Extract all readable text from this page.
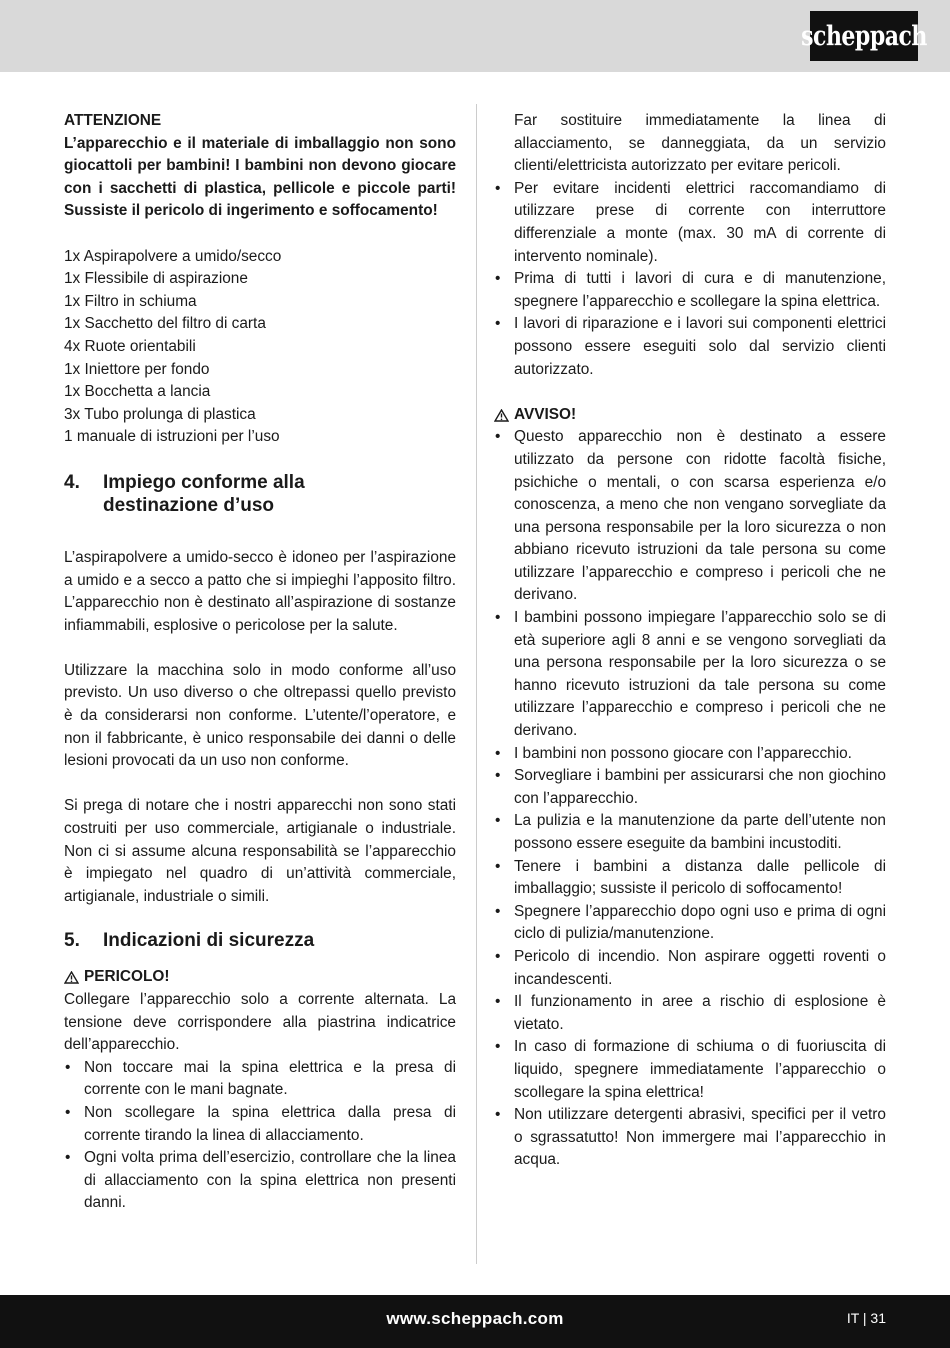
scheppach

ATTENZIONE

L’apparecchio e il materiale di imballaggio non sono giocattoli per bambini! I bambini non devono giocare con i sacchetti di plastica, pellicole e piccole parti! Sussiste il pericolo di ingerimento e soffocamento!

1x Aspirapolvere a umido/secco
1x Flessibile di aspirazione
1x Filtro in schiuma
1x Sacchetto del filtro di carta
4x Ruote orientabili
1x Iniettore per fondo
1x Bocchetta a lancia
3x Tubo prolunga di plastica
1 manuale di istruzioni per l’uso
4.	Impiego conforme alla
destinazione d’uso

L’aspirapolvere a umido-secco è idoneo per l’aspirazione a umido e a secco a patto che si impieghi l’apposito filtro. L’apparecchio non è destinato all’aspirazione di sostanze infiammabili, esplosive o pericolose per la salute.

Utilizzare la macchina solo in modo conforme all’uso previsto. Un uso diverso o che oltrepassi quello previsto è da considerarsi non conforme. L’utente/l’operatore, e non il fabbricante, è unico responsabile dei danni o delle lesioni provocati da un uso non conforme.

Si prega di notare che i nostri apparecchi non sono stati costruiti per uso commerciale, artigianale o industriale. Non ci si assume alcuna responsabilità se l’apparecchio è impiegato nel quadro di un’attività commerciale, artigianale, industriale o simili.

5.	Indicazioni di sicurezza
PERICOLO!

Collegare l’apparecchio solo a corrente alternata. La tensione deve corrispondere alla piastrina indicatrice dell’apparecchio.

• Non toccare mai la spina elettrica e la presa di corrente con le mani bagnate.
• Non scollegare la spina elettrica dalla presa di corrente tirando la linea di allacciamento.
• Ogni volta prima dell’esercizio, controllare che la linea di allacciamento con la spina elettrica non presenti danni.

Far sostituire immediatamente la linea di allacciamento, se danneggiata, da un servizio clienti/elettricista autorizzato per evitare pericoli.

• Per evitare incidenti elettrici raccomandiamo di utilizzare prese di corrente con interruttore differenziale a monte (max. 30 mA di corrente di intervento nominale).
• Prima di tutti i lavori di cura e di manutenzione, spegnere l’apparecchio e scollegare la spina elettrica.
• I lavori di riparazione e i lavori sui componenti elettrici possono essere eseguiti solo dal servizio clienti autorizzato.
AVVISO!
• Questo apparecchio non è destinato a essere utilizzato da persone con ridotte facoltà fisiche, psichiche o mentali, o con scarsa esperienza e/o conoscenza, a meno che non vengano sorvegliate da una persona responsabile per la loro sicurezza o non abbiano ricevuto istruzioni da tale persona su come utilizzare l’apparecchio e compreso i pericoli che ne derivano.
• I bambini possono impiegare l’apparecchio solo se di età superiore agli 8 anni e se vengono sorvegliati da una persona responsabile per la loro sicurezza o se hanno ricevuto istruzioni da tale persona su come utilizzare l’apparecchio e compreso i pericoli che ne derivano.
• I bambini non possono giocare con l’apparecchio.
• Sorvegliare i bambini per assicurarsi che non giochino con l’apparecchio.
• La pulizia e la manutenzione da parte dell’utente non possono essere eseguite da bambini incustoditi.
• Tenere i bambini a distanza dalle pellicole di imballaggio; sussiste il pericolo di soffocamento!
• Spegnere l’apparecchio dopo ogni uso e prima di ogni ciclo di pulizia/manutenzione.
• Pericolo di incendio. Non aspirare oggetti roventi o incandescenti.
• Il funzionamento in aree a rischio di esplosione è vietato.
• In caso di formazione di schiuma o di fuoriuscita di liquido, spegnere immediatamente l’apparecchio o scollegare la spina elettrica!
• Non utilizzare detergenti abrasivi, specifici per il vetro o sgrassatutto! Non immergere mai l’apparecchio in acqua.
www.scheppach.com	IT | 31
